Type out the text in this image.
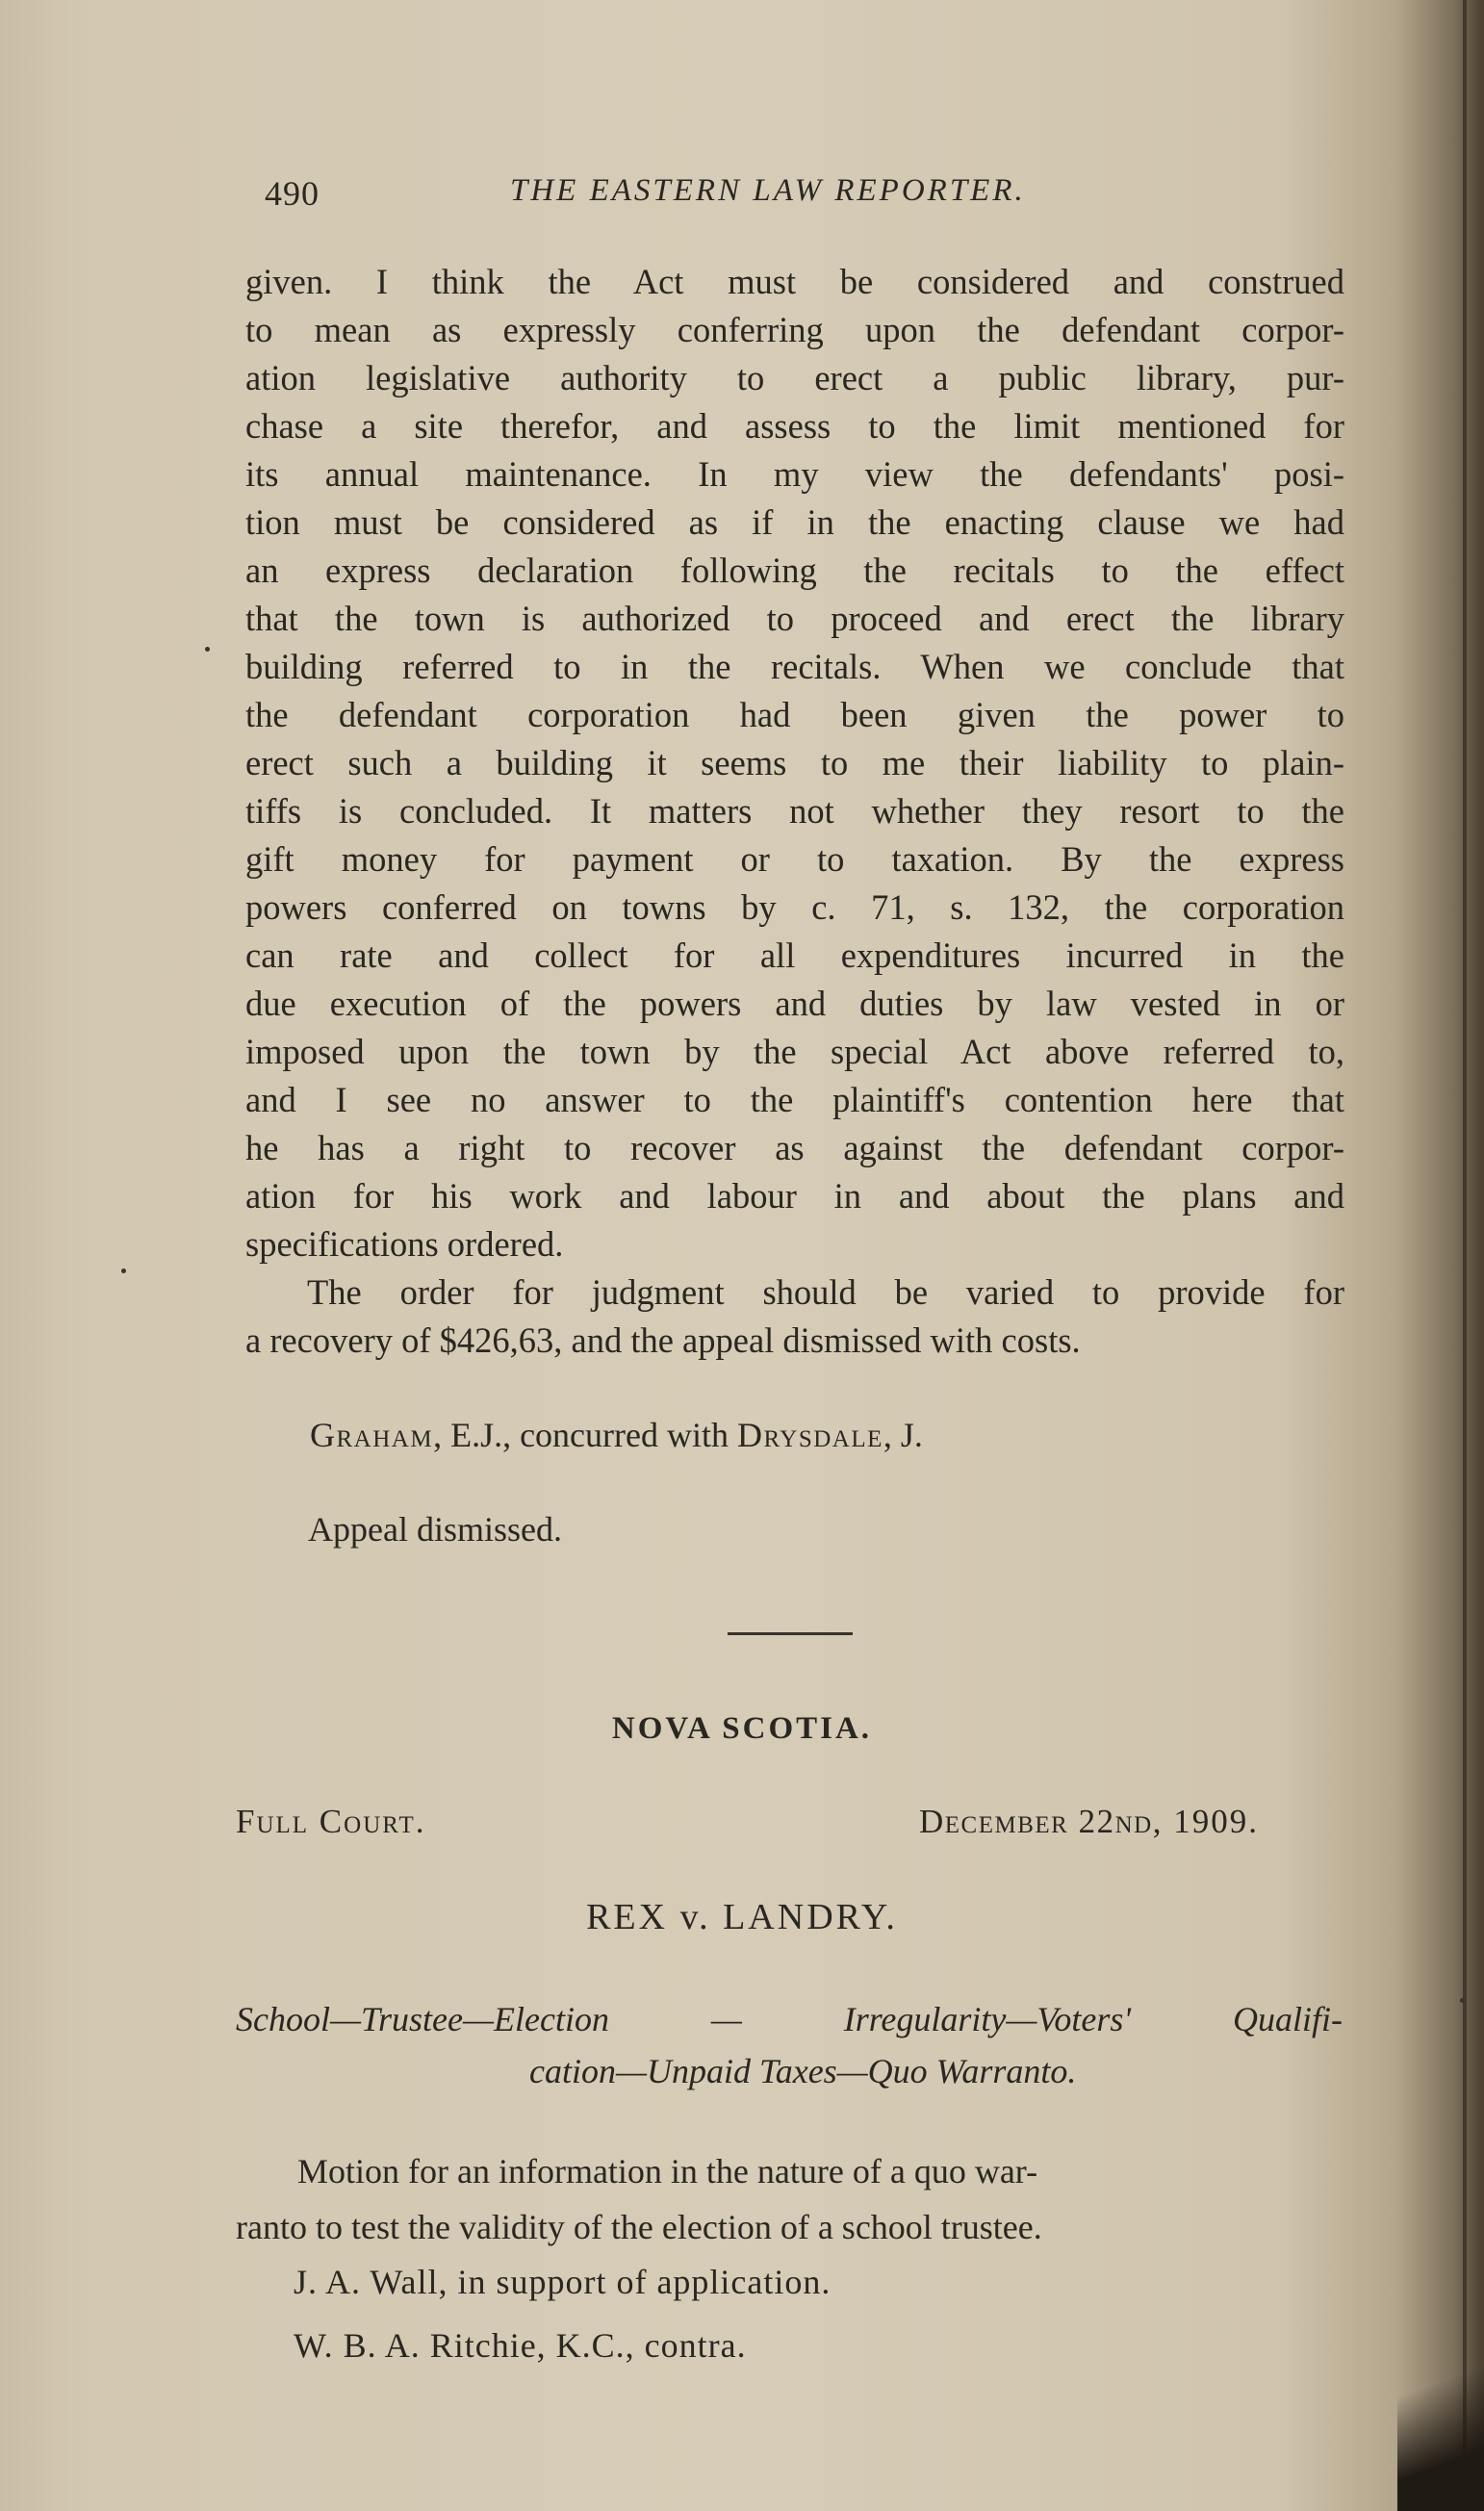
490	THE EASTERN LAW REPORTER.
given. I think the Act must be considered and construed
to mean as expressly conferring upon the defendant corpor-
ation legislative authority to erect a public library, pur-
chase a site therefor, and assess to the limit mentioned for
its annual maintenance. In my view the defendants' posi-
tion must be considered as if in the enacting clause we had
an express declaration following the recitals to the effect
that the town is authorized to proceed and erect the library
building referred to in the recitals. When we conclude that
the defendant corporation had been given the power to
erect such a building it seems to me their liability to plain-
tiffs is concluded. It matters not whether they resort to the
gift money for payment or to taxation. By the express
powers conferred on towns by c. 71, s. 132, the corporation
can rate and collect for all expenditures incurred in the
due execution of the powers and duties by law vested in or
imposed upon the town by the special Act above referred to,
and I see no answer to the plaintiff's contention here that
he has a right to recover as against the defendant corpor-
ation for his work and labour in and about the plans and
specifications ordered.
The order for judgment should be varied to provide for
a recovery of $426,63, and the appeal dismissed with costs.
Graham, E.J., concurred with Drysdale, J.
Appeal dismissed.
NOVA SCOTIA.
Full Court.	December 22nd, 1909.
REX v. LANDRY.
School—Trustee—Election — Irregularity—Voters' Qualifi-
cation—Unpaid Taxes—Quo Warranto.
Motion for an information in the nature of a quo war-
ranto to test the validity of the election of a school trustee.
J. A. Wall, in support of application.
W. B. A. Ritchie, K.C., contra.
